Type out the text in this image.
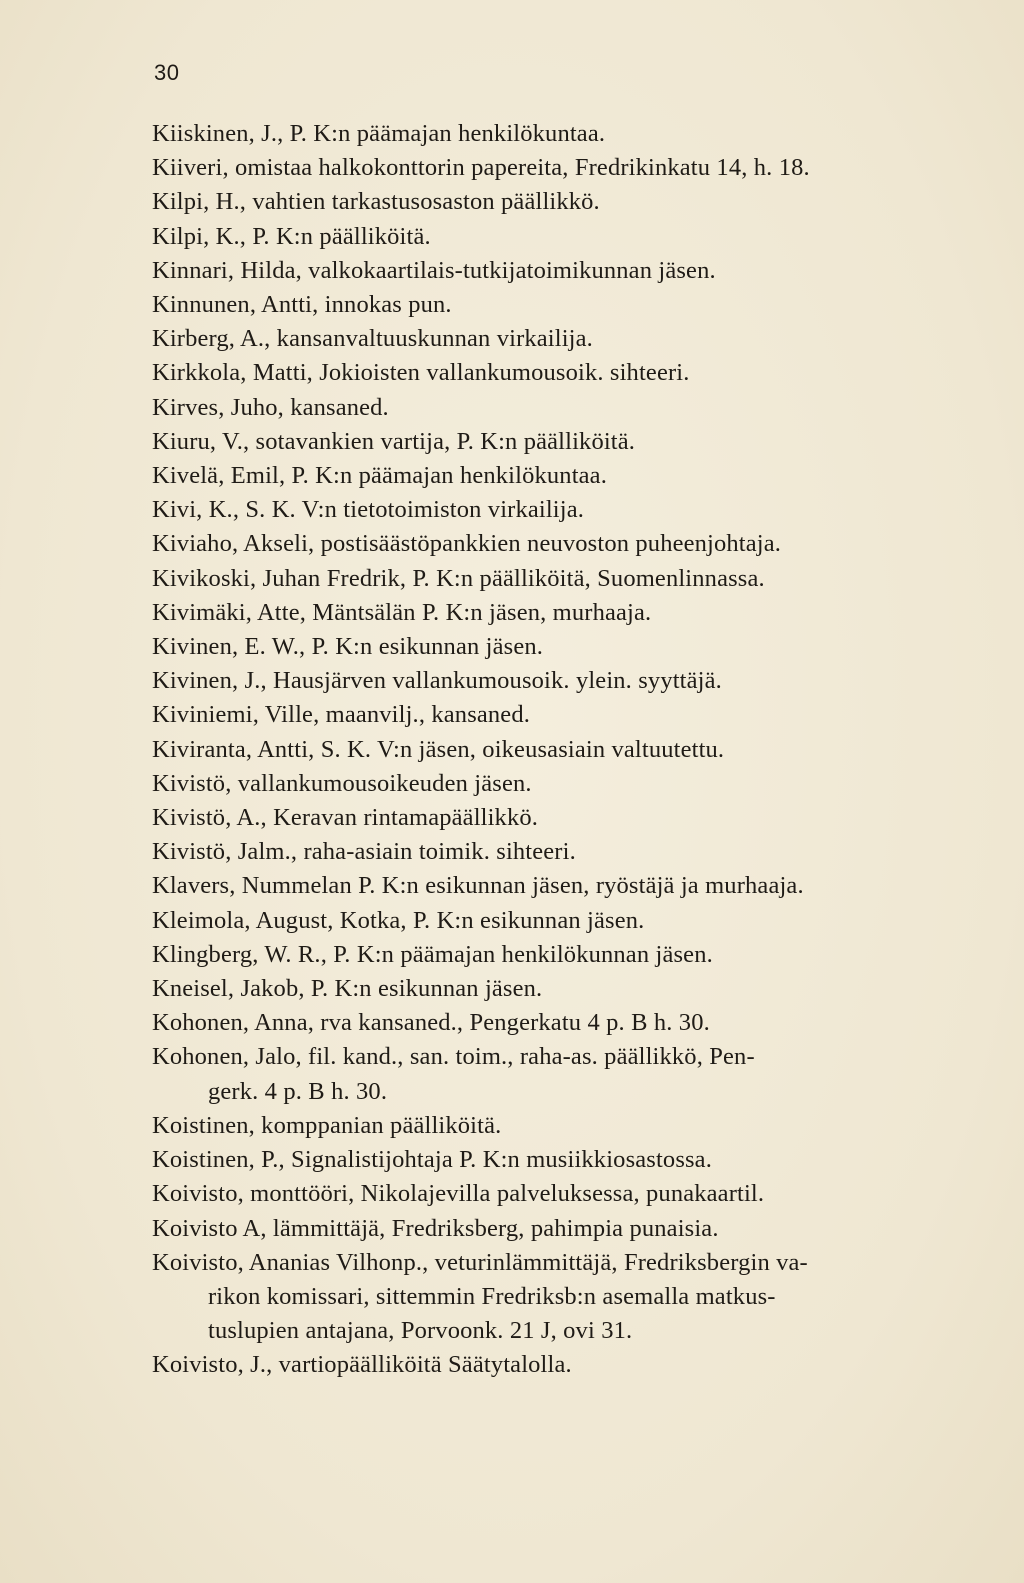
30
Kiiskinen, J., P. K:n päämajan henkilökuntaa.
Kiiveri, omistaa halkokonttorin papereita, Fredrikinkatu 14, h. 18.
Kilpi, H., vahtien tarkastusosaston päällikkö.
Kilpi, K., P. K:n päälliköitä.
Kinnari, Hilda, valkokaartilais-tutkijatoimikunnan jäsen.
Kinnunen, Antti, innokas pun.
Kirberg, A., kansanvaltuuskunnan virkailija.
Kirkkola, Matti, Jokioisten vallankumousoik. sihteeri.
Kirves, Juho, kansaned.
Kiuru, V., sotavankien vartija, P. K:n päälliköitä.
Kivelä, Emil, P. K:n päämajan henkilökuntaa.
Kivi, K., S. K. V:n tietotoimiston virkailija.
Kiviaho, Akseli, postisäästöpankkien neuvoston puheenjohtaja.
Kivikoski, Juhan Fredrik, P. K:n päälliköitä, Suomenlinnassa.
Kivimäki, Atte, Mäntsälän P. K:n jäsen, murhaaja.
Kivinen, E. W., P. K:n esikunnan jäsen.
Kivinen, J., Hausjärven vallankumousoik. ylein. syyttäjä.
Kiviniemi, Ville, maanvilj., kansaned.
Kiviranta, Antti, S. K. V:n jäsen, oikeusasiain valtuutettu.
Kivistö, vallankumousoikeuden jäsen.
Kivistö, A., Keravan rintamapäällikkö.
Kivistö, Jalm., raha-asiain toimik. sihteeri.
Klavers, Nummelan P. K:n esikunnan jäsen, ryöstäjä ja murhaaja.
Kleimola, August, Kotka, P. K:n esikunnan jäsen.
Klingberg, W. R., P. K:n päämajan henkilökunnan jäsen.
Kneisel, Jakob, P. K:n esikunnan jäsen.
Kohonen, Anna, rva kansaned., Pengerkatu 4 p. B h. 30.
Kohonen, Jalo, fil. kand., san. toim., raha-as. päällikkö, Pen-
gerk. 4 p. B h. 30.
Koistinen, komppanian päälliköitä.
Koistinen, P., Signalistijohtaja P. K:n musiikkiosastossa.
Koivisto, monttööri, Nikolajevilla palveluksessa, punakaartil.
Koivisto A, lämmittäjä, Fredriksberg, pahimpia punaisia.
Koivisto, Ananias Vilhonp., veturinlämmittäjä, Fredriksbergin va-
rikon komissari, sittemmin Fredriksb:n asemalla matkus-
tuslupien antajana, Porvoonk. 21 J, ovi 31.
Koivisto, J., vartiopäälliköitä Säätytalolla.
